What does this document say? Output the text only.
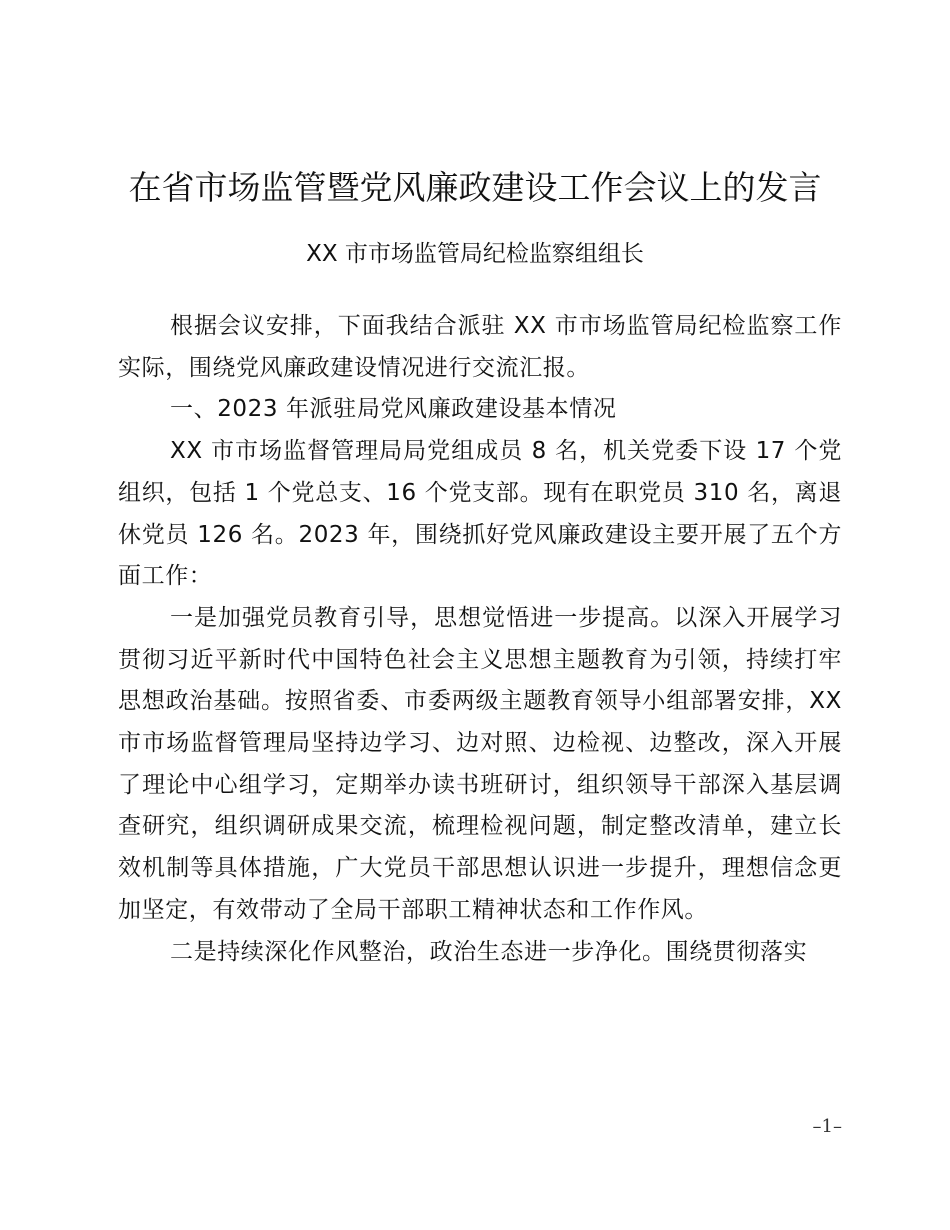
在省市场监管暨党风廉政建设工作会议上的发言

XX 市市场监管局纪检监察组组长

根据会议安排，下面我结合派驻 XX 市市场监管局纪检监察工作实际，围绕党风廉政建设情况进行交流汇报。

一、2023 年派驻局党风廉政建设基本情况

XX 市市场监督管理局局党组成员 8 名，机关党委下设 17 个党组织，包括 1 个党总支、16 个党支部。现有在职党员 310 名，离退休党员 126 名。2023 年，围绕抓好党风廉政建设主要开展了五个方面工作：

一是加强党员教育引导，思想觉悟进一步提高。以深入开展学习贯彻习近平新时代中国特色社会主义思想主题教育为引领，持续打牢思想政治基础。按照省委、市委两级主题教育领导小组部署安排，XX 市市场监督管理局坚持边学习、边对照、边检视、边整改，深入开展了理论中心组学习，定期举办读书班研讨，组织领导干部深入基层调查研究，组织调研成果交流，梳理检视问题，制定整改清单，建立长效机制等具体措施，广大党员干部思想认识进一步提升，理想信念更加坚定，有效带动了全局干部职工精神状态和工作作风。

二是持续深化作风整治，政治生态进一步净化。围绕贯彻落实

–1–
